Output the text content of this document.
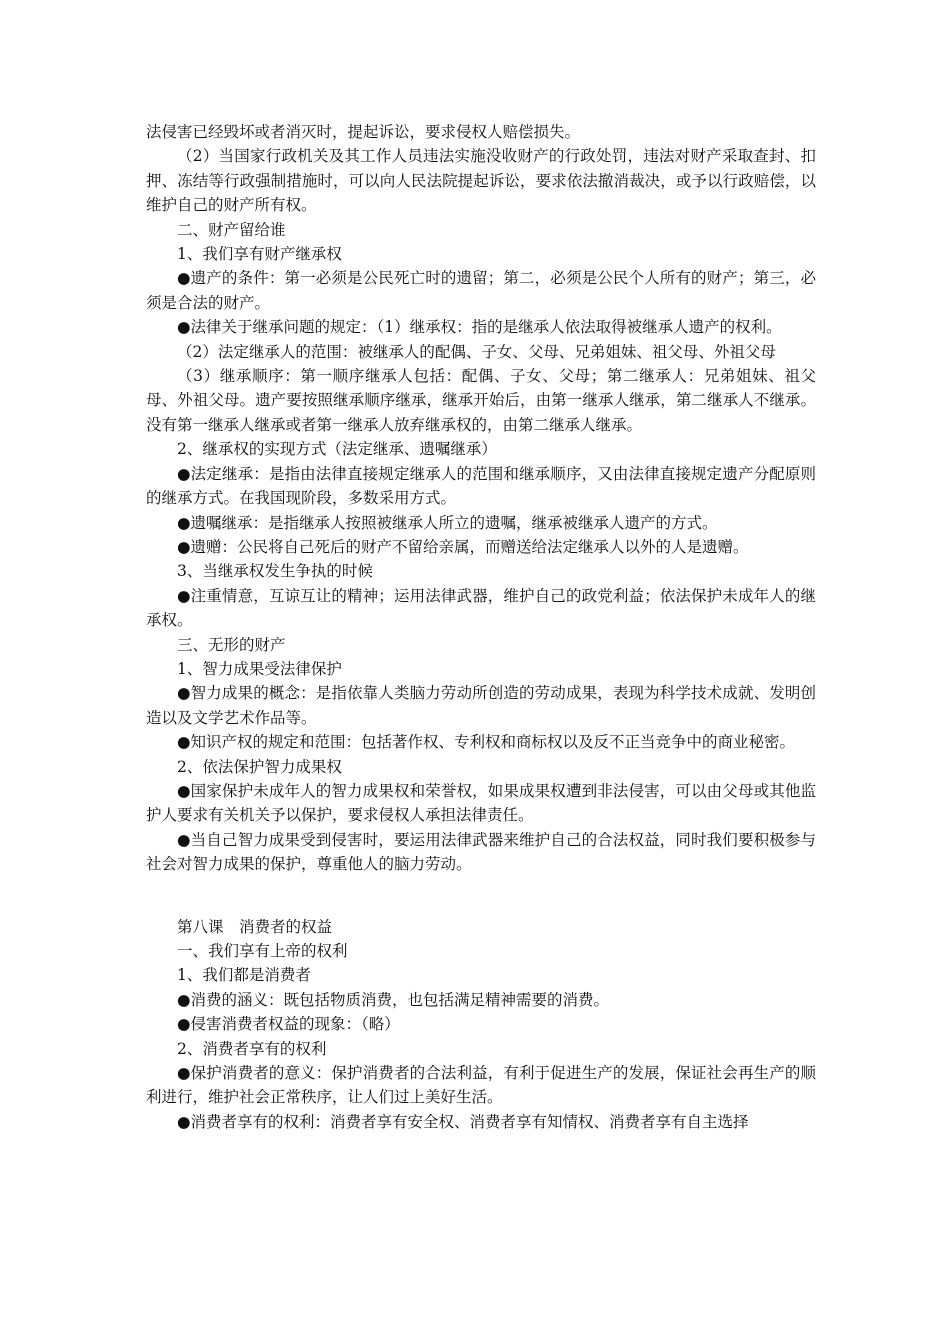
法侵害已经毁坏或者消灭时，提起诉讼，要求侵权人赔偿损失。

（2）当国家行政机关及其工作人员违法实施没收财产的行政处罚，违法对财产采取查封、扣押、冻结等行政强制措施时，可以向人民法院提起诉讼，要求依法撤消裁决，或予以行政赔偿，以维护自己的财产所有权。

二、财产留给谁

1、我们享有财产继承权

●遗产的条件：第一必须是公民死亡时的遗留；第二，必须是公民个人所有的财产；第三，必须是合法的财产。

●法律关于继承问题的规定：（1）继承权：指的是继承人依法取得被继承人遗产的权利。

（2）法定继承人的范围：被继承人的配偶、子女、父母、兄弟姐妹、祖父母、外祖父母

（3）继承顺序：第一顺序继承人包括：配偶、子女、父母；第二继承人：兄弟姐妹、祖父母、外祖父母。遗产要按照继承顺序继承，继承开始后，由第一继承人继承，第二继承人不继承。没有第一继承人继承或者第一继承人放弃继承权的，由第二继承人继承。

2、继承权的实现方式（法定继承、遗嘱继承）

●法定继承：是指由法律直接规定继承人的范围和继承顺序，又由法律直接规定遗产分配原则的继承方式。在我国现阶段，多数采用方式。

●遗嘱继承：是指继承人按照被继承人所立的遗嘱，继承被继承人遗产的方式。

●遗赠：公民将自己死后的财产不留给亲属，而赠送给法定继承人以外的人是遗赠。

3、当继承权发生争执的时候

●注重情意，互谅互让的精神；运用法律武器，维护自己的政党利益；依法保护未成年人的继承权。

三、无形的财产

1、智力成果受法律保护

●智力成果的概念：是指依靠人类脑力劳动所创造的劳动成果，表现为科学技术成就、发明创造以及文学艺术作品等。

●知识产权的规定和范围：包括著作权、专利权和商标权以及反不正当竞争中的商业秘密。

2、依法保护智力成果权

●国家保护未成年人的智力成果权和荣誉权，如果成果权遭到非法侵害，可以由父母或其他监护人要求有关机关予以保护，要求侵权人承担法律责任。

●当自己智力成果受到侵害时，要运用法律武器来维护自己的合法权益，同时我们要积极参与社会对智力成果的保护，尊重他人的脑力劳动。

第八课　消费者的权益

一、我们享有上帝的权利

1、我们都是消费者

●消费的涵义：既包括物质消费，也包括满足精神需要的消费。

●侵害消费者权益的现象：（略）

2、消费者享有的权利

●保护消费者的意义：保护消费者的合法利益，有利于促进生产的发展，保证社会再生产的顺利进行，维护社会正常秩序，让人们过上美好生活。

●消费者享有的权利：消费者享有安全权、消费者享有知情权、消费者享有自主选择
